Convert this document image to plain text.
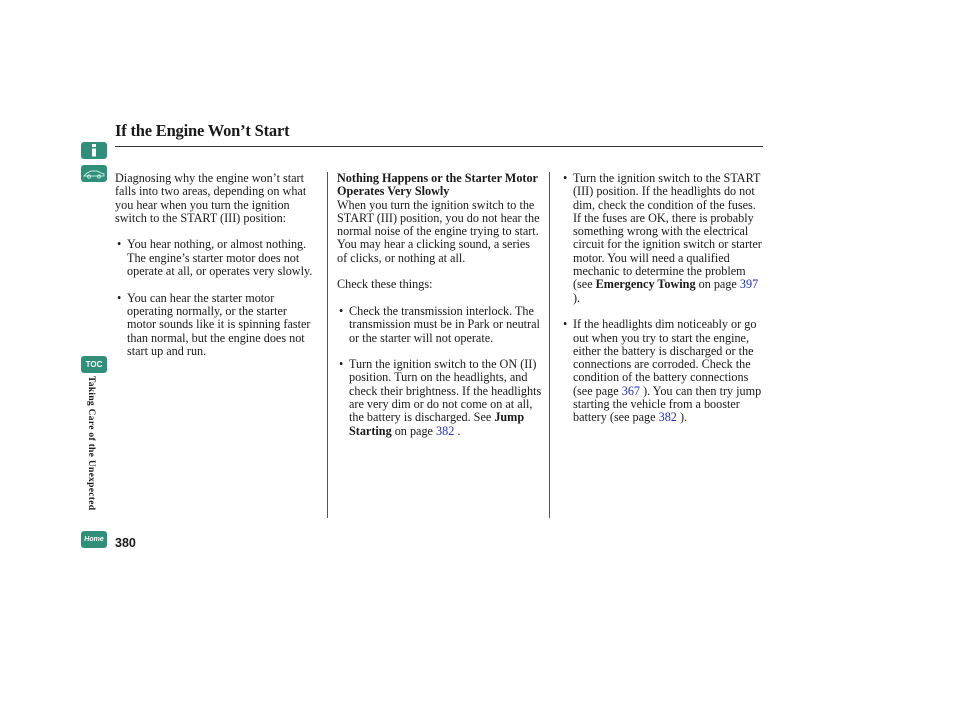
If the Engine Won’t Start
TOC
Taking Care of the Unexpected
Home 380

Diagnosing why the engine won’t start falls into two areas, depending on what you hear when you turn the ignition switch to the START (III) position:

• You hear nothing, or almost nothing. The engine’s starter motor does not operate at all, or operates very slowly.

• You can hear the starter motor operating normally, or the starter motor sounds like it is spinning faster than normal, but the engine does not start up and run.

Nothing Happens or the Starter Motor Operates Very Slowly

When you turn the ignition switch to the START (III) position, you do not hear the normal noise of the engine trying to start. You may hear a clicking sound, a series of clicks, or nothing at all.

Check these things:

• Check the transmission interlock. The transmission must be in Park or neutral or the starter will not operate.

• Turn the ignition switch to the ON (II) position. Turn on the headlights, and check their brightness. If the headlights are very dim or do not come on at all, the battery is discharged. See Jump Starting on page 382 .

• Turn the ignition switch to the START (III) position. If the headlights do not dim, check the condition of the fuses. If the fuses are OK, there is probably something wrong with the electrical circuit for the ignition switch or starter motor. You will need a qualified mechanic to determine the problem (see Emergency Towing on page 397 ).

• If the headlights dim noticeably or go out when you try to start the engine, either the battery is discharged or the connections are corroded. Check the condition of the battery connections (see page 367 ). You can then try jump starting the vehicle from a booster battery (see page 382 ).
